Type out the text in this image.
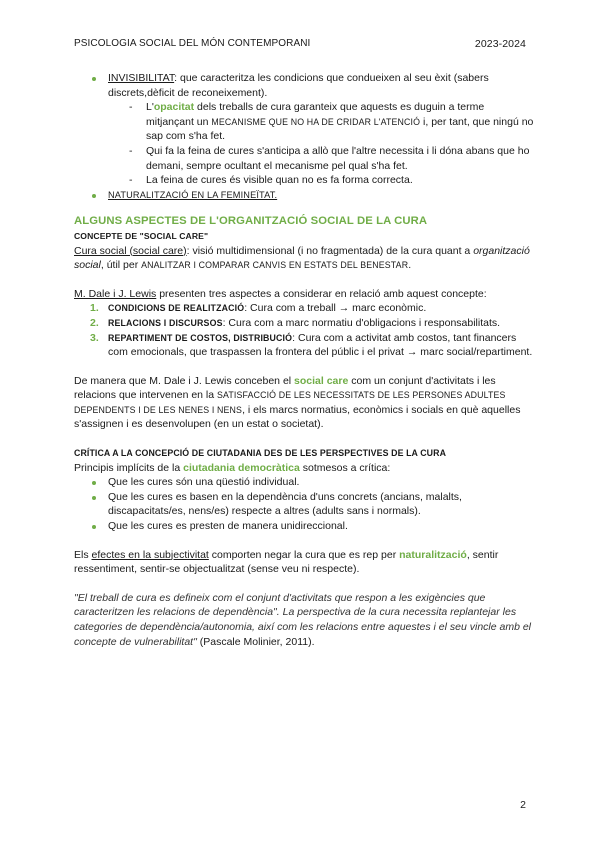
PSICOLOGIA SOCIAL DEL MÓN CONTEMPORANI	2023-2024
INVISIBILITAT: que caracteritza les condicions que condueixen al seu èxit (sabers discrets,dèficit de reconeixement).
- L'opacitat dels treballs de cura garanteix que aquests es duguin a terme mitjançant un MECANISME QUE NO HA DE CRIDAR L'ATENCIÓ i, per tant, que ningú no sap com s'ha fet.
- Qui fa la feina de cures s'anticipa a allò que l'altre necessita i li dóna abans que ho demani, sempre ocultant el mecanisme pel qual s'ha fet.
- La feina de cures és visible quan no es fa forma correcta.
NATURALITZACIÓ EN LA FEMINEÏTAT.
ALGUNS ASPECTES DE L'ORGANITZACIÓ SOCIAL DE LA CURA
CONCEPTE DE "SOCIAL CARE"
Cura social (social care): visió multidimensional (i no fragmentada) de la cura quant a organització social, útil per ANALITZAR I COMPARAR CANVIS EN ESTATS DEL BENESTAR.
M. Dale i J. Lewis presenten tres aspectes a considerar en relació amb aquest concepte:
1. CONDICIONS DE REALITZACIÓ: Cura com a treball → marc econòmic.
2. RELACIONS I DISCURSOS: Cura com a marc normatiu d'obligacions i responsabilitats.
3. REPARTIMENT DE COSTOS, DISTRIBUCIÓ: Cura com a activitat amb costos, tant financers com emocionals, que traspassen la frontera del públic i el privat → marc social/repartiment.
De manera que M. Dale i J. Lewis conceben el social care com un conjunt d'activitats i les relacions que intervenen en la SATISFACCIÓ DE LES NECESSITATS DE LES PERSONES ADULTES DEPENDENTS I DE LES NENES I NENS, i els marcs normatius, econòmics i socials en què aquelles s'assignen i es desenvolupen (en un estat o societat).
CRÍTICA A LA CONCEPCIÓ DE CIUTADANIA DES DE LES PERSPECTIVES DE LA CURA
Principis implícits de la ciutadania democràtica sotmesos a crítica:
Que les cures són una qüestió individual.
Que les cures es basen en la dependència d'uns concrets (ancians, malalts, discapacitats/es, nens/es) respecte a altres (adults sans i normals).
Que les cures es presten de manera unidireccional.
Els efectes en la subjectivitat comporten negar la cura que es rep per naturalització, sentir ressentiment, sentir-se objectualitzat (sense veu ni respecte).
"El treball de cura es defineix com el conjunt d'activitats que respon a les exigències que caracteritzen les relacions de dependència". La perspectiva de la cura necessita replantejar les categories de dependència/autonomia, així com les relacions entre aquestes i el seu vincle amb el concepte de vulnerabilitat" (Pascale Molinier, 2011).
2
